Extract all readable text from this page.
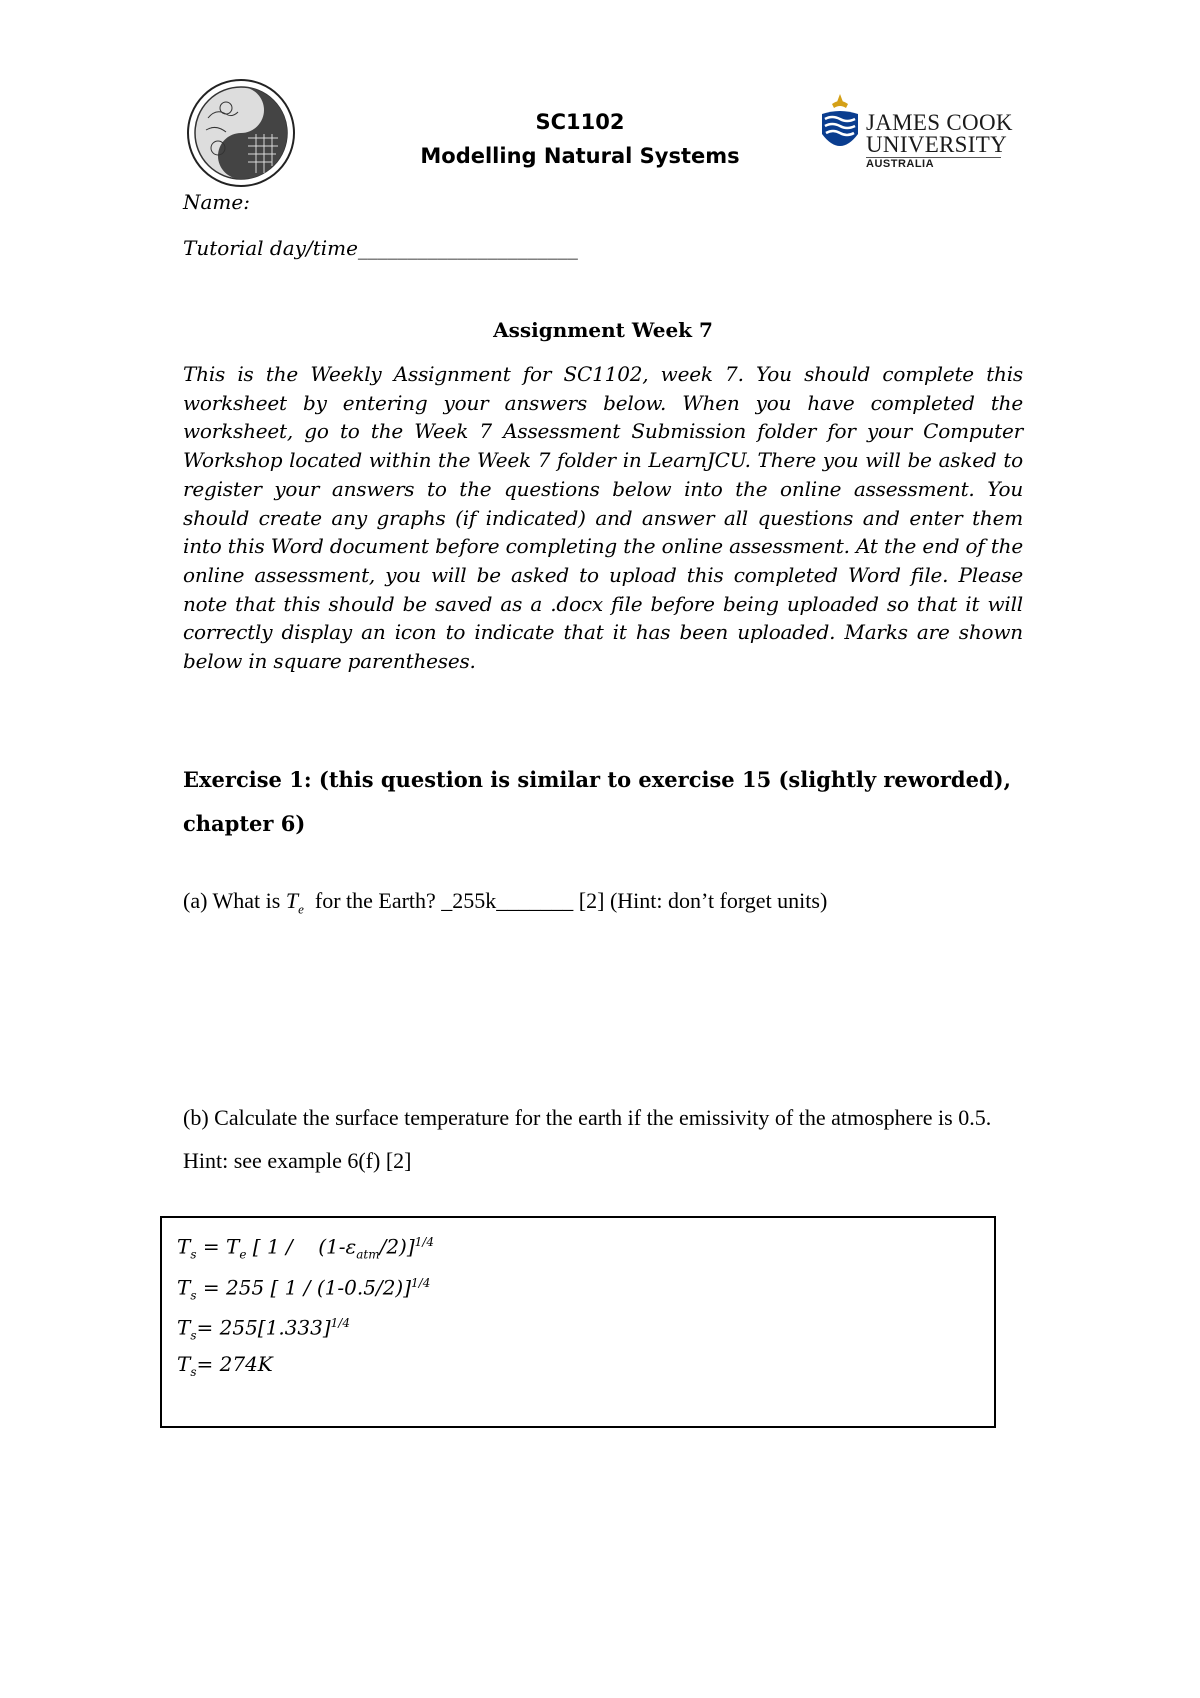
SC1102
Modelling Natural Systems
JAMES COOK
UNIVERSITY
AUSTRALIA
Name:
Tutorial day/time______________________
Assignment Week 7
This is the Weekly Assignment for SC1102, week 7. You should complete this worksheet by entering your answers below. When you have completed the worksheet, go to the Week 7 Assessment Submission folder for your Computer Workshop located within the Week 7 folder in LearnJCU. There you will be asked to register your answers to the questions below into the online assessment. You should create any graphs (if indicated) and answer all questions and enter them into this Word document before completing the online assessment. At the end of the online assessment, you will be asked to upload this completed Word file. Please note that this should be saved as a .docx file before being uploaded so that it will correctly display an icon to indicate that it has been uploaded. Marks are shown below in square parentheses.
Exercise 1: (this question is similar to exercise 15 (slightly reworded),
chapter 6)
(a) What is $T_e$  for the Earth? _255k_______ [2] (Hint: don’t forget units)
(b) Calculate the surface temperature for the earth if the emissivity of the atmosphere is 0.5. Hint: see example 6(f) [2]
$T_s = T_e$ [ 1 /    $(1-\varepsilon_{atm}/2)]^{1/4}$
$T_s = 255$ [ 1 / (1-0.5/2)]$^{1/4}$
$T_s= 255[1.333]^{1/4}$
$T_s= 274K$
